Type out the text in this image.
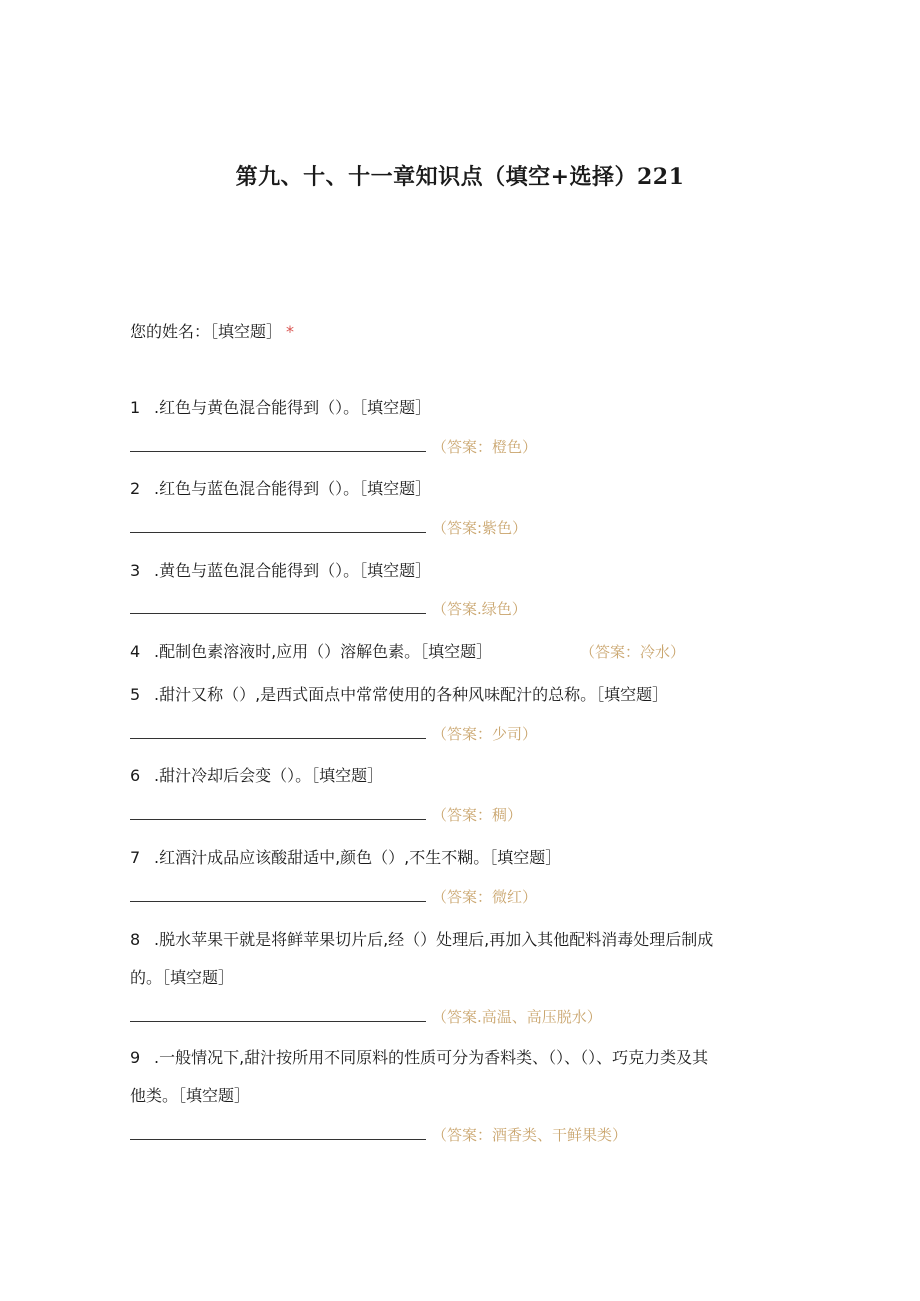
第九、十、十一章知识点（填空+选择）221
您的姓名：［填空题］ *
1 .红色与黄色混合能得到（）。［填空题］
（答案：橙色）
2 .红色与蓝色混合能得到（）。［填空题］
（答案:紫色）
3 .黄色与蓝色混合能得到（）。［填空题］
（答案.绿色）
4 .配制色素溶液时,应用（）溶解色素。［填空题］	（答案：冷水）
5 .甜汁又称（）,是西式面点中常常使用的各种风味配汁的总称。［填空题］
（答案：少司）
6 .甜汁冷却后会变（）。［填空题］
（答案：稠）
7 .红酒汁成品应该酸甜适中,颜色（）,不生不糊。［填空题］
（答案：微红）
8 .脱水苹果干就是将鲜苹果切片后,经（）处理后,再加入其他配料消毒处理后制成
的。［填空题］
（答案.高温、高压脱水）
9 .一般情况下,甜汁按所用不同原料的性质可分为香料类、（）、（）、巧克力类及其
他类。［填空题］
（答案：酒香类、干鲜果类）
